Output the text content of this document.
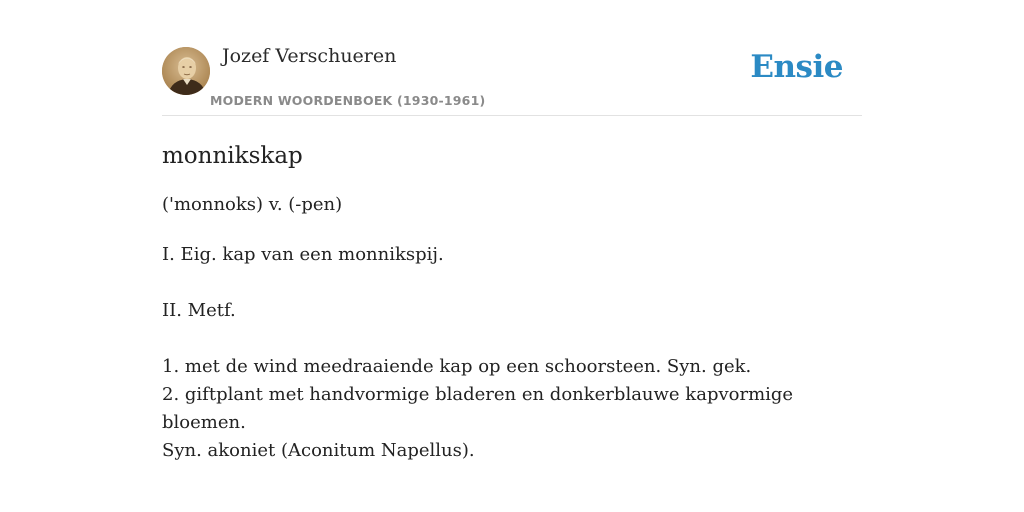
Jozef Verschueren
MODERN WOORDENBOEK (1930-1961)
Ensie
monnikskap
('monnoks) v. (-pen)

I. Eig. kap van een monnikspij.

II. Metf.

1. met de wind meedraaiende kap op een schoorsteen. Syn. gek.

2. giftplant met handvormige bladeren en donkerblauwe kapvormige bloemen.

Syn. akoniet (Aconitum Napellus).
